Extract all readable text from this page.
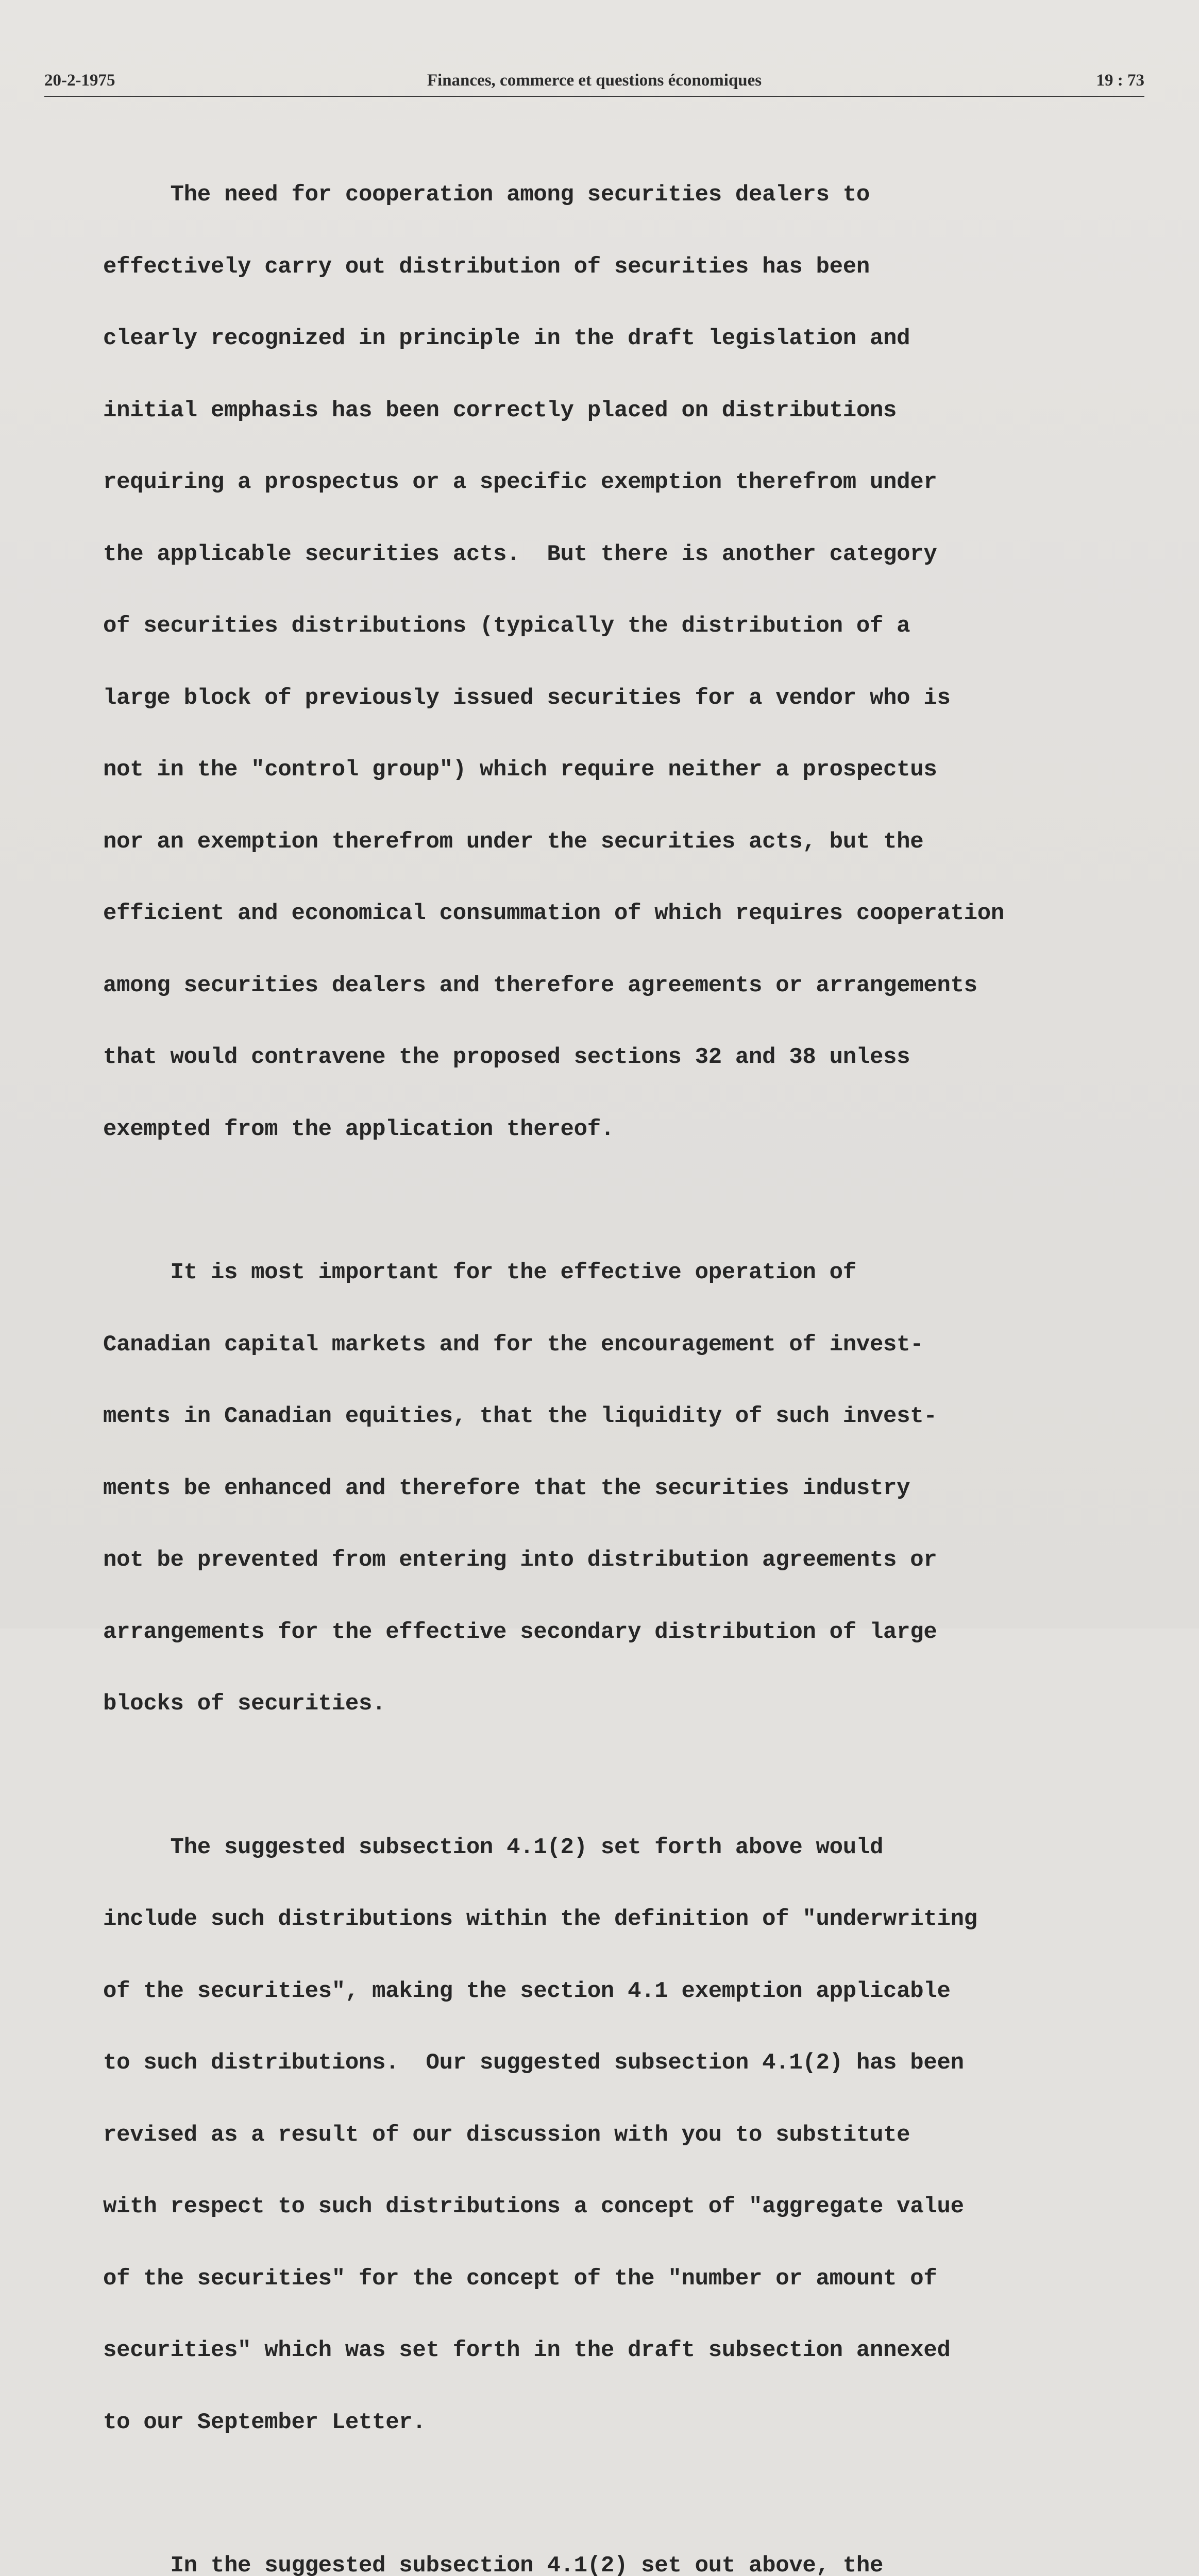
20-2-1975	Finances, commerce et questions économiques	19 : 73

The need for cooperation among securities dealers to

effectively carry out distribution of securities has been

clearly recognized in principle in the draft legislation and

initial emphasis has been correctly placed on distributions

requiring a prospectus or a specific exemption therefrom under

the applicable securities acts.  But there is another category

of securities distributions (typically the distribution of a

large block of previously issued securities for a vendor who is

not in the "control group") which require neither a prospectus

nor an exemption therefrom under the securities acts, but the

efficient and economical consummation of which requires cooperation

among securities dealers and therefore agreements or arrangements

that would contravene the proposed sections 32 and 38 unless

exempted from the application thereof.

It is most important for the effective operation of

Canadian capital markets and for the encouragement of invest-

ments in Canadian equities, that the liquidity of such invest-

ments be enhanced and therefore that the securities industry

not be prevented from entering into distribution agreements or

arrangements for the effective secondary distribution of large

blocks of securities.

The suggested subsection 4.1(2) set forth above would

include such distributions within the definition of "underwriting

of the securities", making the section 4.1 exemption applicable

to such distributions.  Our suggested subsection 4.1(2) has been

revised as a result of our discussion with you to substitute

with respect to such distributions a concept of "aggregate value

of the securities" for the concept of the "number or amount of

securities" which was set forth in the draft subsection annexed

to our September Letter.

In the suggested subsection 4.1(2) set out above, the
